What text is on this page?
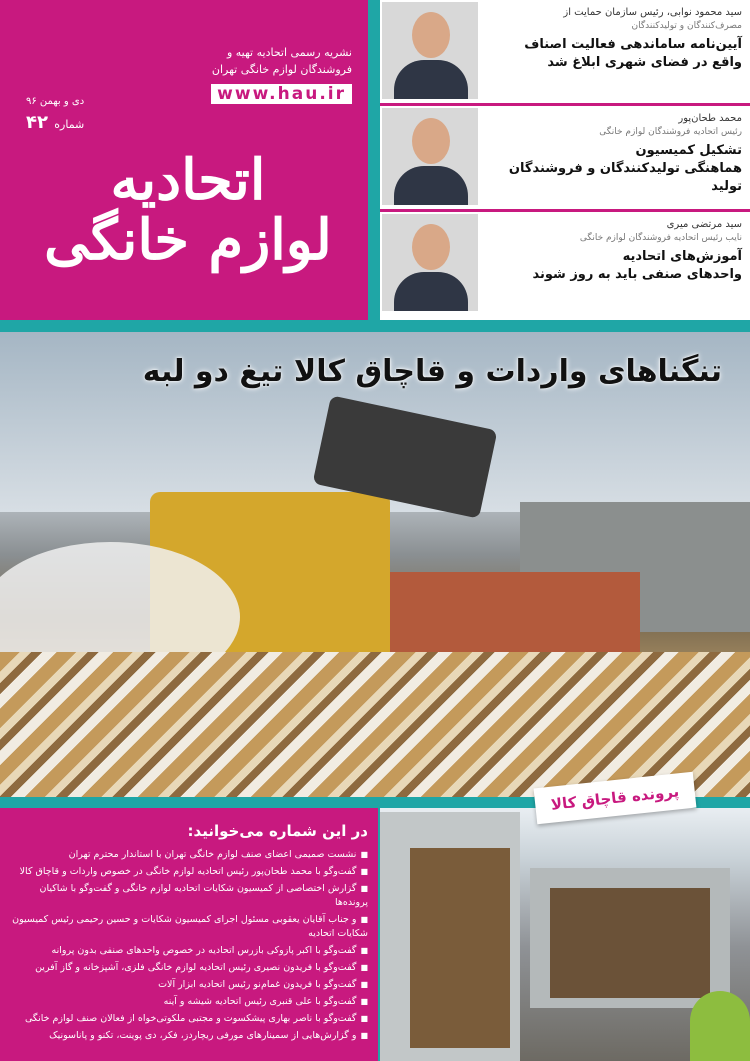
نشریه رسمی اتحادیه تهیه و
فروشندگان لوازم خانگی تهران
www.hau.ir
دی و بهمن ۹۶
شماره ۴۲
اتحادیه
لوازم خانگی
سید محمود نوابی، رئیس سازمان حمایت از
مصرف‌کنندگان و تولیدکنندگان
آیین‌نامه ساماندهی فعالیت اصناف
واقع در فضای شهری ابلاغ شد
محمد طحان‌پور
رئیس اتحادیه فروشندگان لوازم خانگی
تشکیل کمیسیون
هماهنگی تولیدکنندگان و فروشندگان تولید
سید مرتضی میری
نایب رئیس اتحادیه فروشندگان لوازم خانگی
آموزش‌های اتحادیه
واحدهای صنفی باید به روز شوند
تنگناهای واردات و قاچاق کالا تیغ دو لبه
در این شماره می‌خوانید:
■ نشست صمیمی اعضای صنف لوازم خانگی تهران با استاندار محترم تهران
■ گفت‌وگو با محمد طحان‌پور رئیس اتحادیه لوازم خانگی در خصوص واردات و قاچاق کالا
■ گزارش اختصاصی از کمیسیون شکایات اتحادیه لوازم خانگی و گفت‌وگو با شاکیان پرونده‌ها
■ و جناب آقایان یعقوبی مسئول اجرای کمیسیون شکایات و حسین رحیمی رئیس کمیسیون شکایات اتحادیه
■ گفت‌وگو با اکبر پازوکی بازرس اتحادیه در خصوص واحدهای صنفی بدون پروانه
■ گفت‌وگو با فریدون نصیری رئیس اتحادیه لوازم خانگی فلزی، آشپزخانه و گاز آفرین
■ گفت‌وگو با فریدون غمام‌نو رئیس اتحادیه ابزار آلات
■ گفت‌وگو با علی قنبری رئیس اتحادیه شیشه و آینه
■ گفت‌وگو با ناصر بهاری پیشکسوت و مجتبی ملکوتی‌خواه از فعالان صنف لوازم خانگی
■ و گزارش‌هایی از سمینارهای مورفی ریچاردز، فکر، دی پوینت، تکنو و پاناسونیک
پرونده قاچاق کالا
